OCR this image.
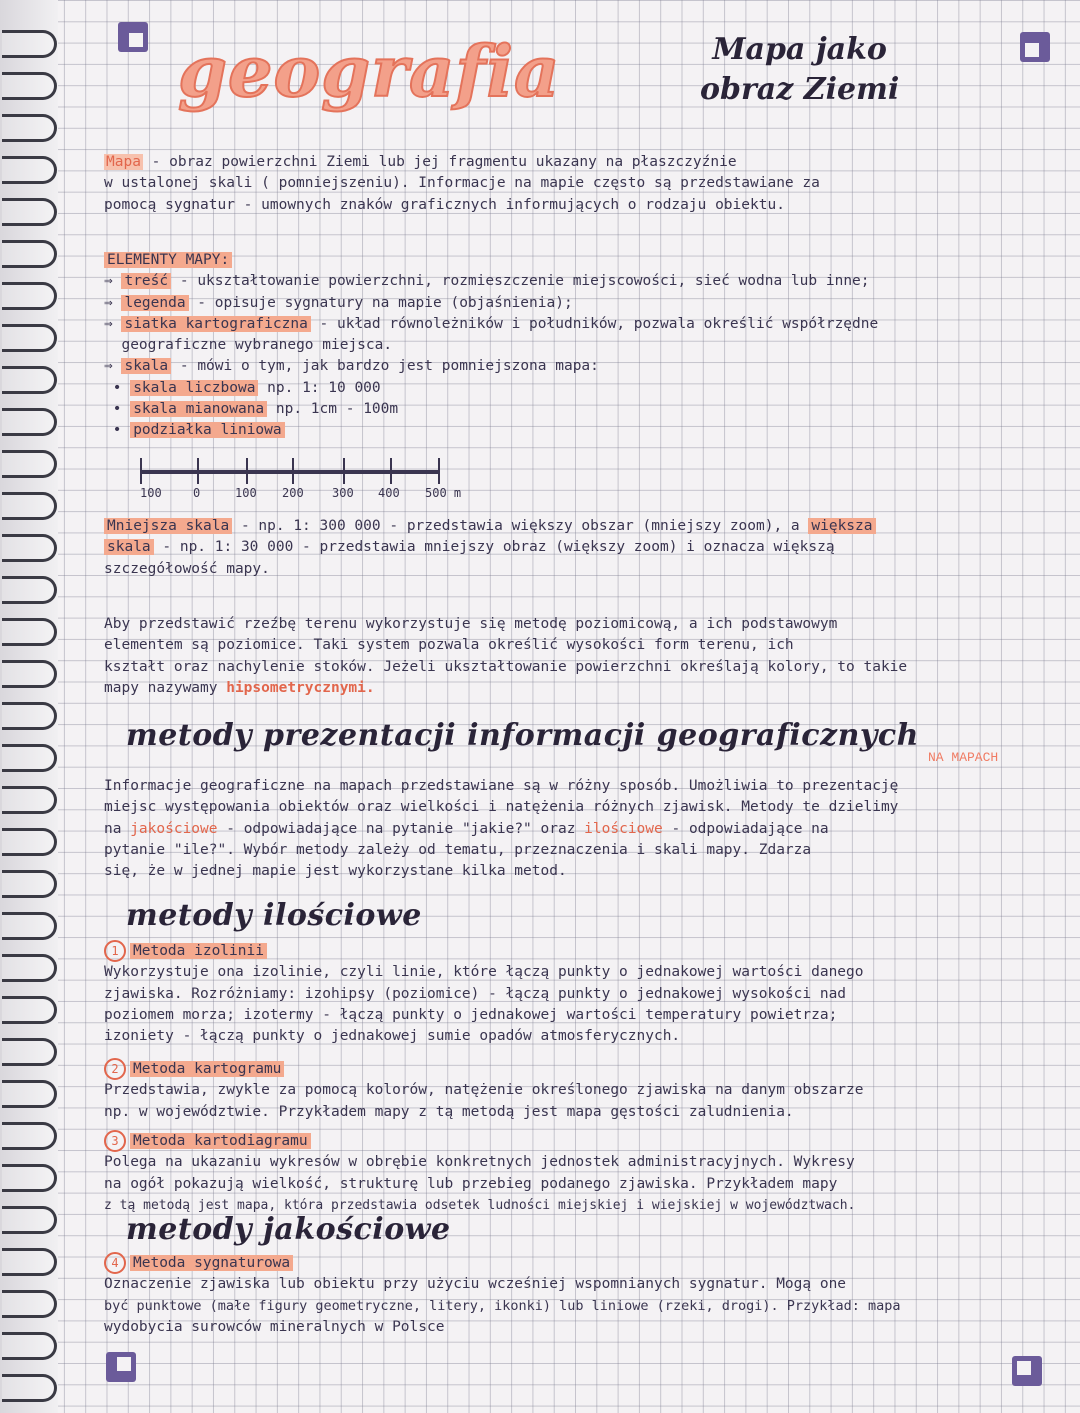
geografia	Mapa jako
obraz Ziemi
Mapa - obraz powierzchni Ziemi lub jej fragmentu ukazany na płaszczyźnie
w ustalonej skali ( pomniejszeniu). Informacje na mapie często są przedstawiane za
pomocą sygnatur - umownych znaków graficznych informujących o rodzaju obiektu.
ELEMENTY MAPY:
⇒ treść - ukształtowanie powierzchni, rozmieszczenie miejscowości, sieć wodna lub inne;
⇒ legenda - opisuje sygnatury na mapie (objaśnienia);
⇒ siatka kartograficzna - układ równoleżników i południków, pozwala określić współrzędne
geograficzne wybranego miejsca.
⇒ skala - mówi o tym, jak bardzo jest pomniejszona mapa:
• skala liczbowa np. 1: 10 000
• skala mianowana np. 1cm - 100m
• podziałka liniowa
100	0	100 200 300 400 500 m
Mniejsza skala - np. 1: 300 000 - przedstawia większy obszar (mniejszy zoom), a większa
skala - np. 1: 30 000 - przedstawia mniejszy obraz (większy zoom) i oznacza większą
szczegółowość mapy.
Aby przedstawić rzeźbę terenu wykorzystuje się metodę poziomicową, a ich podstawowym
elementem są poziomice. Taki system pozwala określić wysokości form terenu, ich
kształt oraz nachylenie stoków. Jeżeli ukształtowanie powierzchni określają kolory, to takie
mapy nazywamy hipsometrycznymi.
metody prezentacji informacji geograficznych
NA MAPACH
Informacje geograficzne na mapach przedstawiane są w różny sposób. Umożliwia to prezentację
miejsc występowania obiektów oraz wielkości i natężenia różnych zjawisk. Metody te dzielimy
na jakościowe - odpowiadające na pytanie "jakie?" oraz ilościowe - odpowiadające na
pytanie "ile?". Wybór metody zależy od tematu, przeznaczenia i skali mapy. Zdarza
się, że w jednej mapie jest wykorzystane kilka metod.
metody ilościowe
1 Metoda izolinii
Wykorzystuje ona izolinie, czyli linie, które łączą punkty o jednakowej wartości danego
zjawiska. Rozróżniamy: izohipsy (poziomice) - łączą punkty o jednakowej wysokości nad
poziomem morza; izotermy - łączą punkty o jednakowej wartości temperatury powietrza;
izoniety - łączą punkty o jednakowej sumie opadów atmosferycznych.
2 Metoda kartogramu
Przedstawia, zwykle za pomocą kolorów, natężenie określonego zjawiska na danym obszarze
np. w województwie. Przykładem mapy z tą metodą jest mapa gęstości zaludnienia.
3 Metoda kartodiagramu
Polega na ukazaniu wykresów w obrębie konkretnych jednostek administracyjnych. Wykresy
na ogół pokazują wielkość, strukturę lub przebieg podanego zjawiska. Przykładem mapy
z tą metodą jest mapa, która przedstawia odsetek ludności miejskiej i wiejskiej w województwach.
metody jakościowe
4 Metoda sygnaturowa
Oznaczenie zjawiska lub obiektu przy użyciu wcześniej wspomnianych sygnatur. Mogą one
być punktowe (małe figury geometryczne, litery, ikonki) lub liniowe (rzeki, drogi). Przykład: mapa
wydobycia surowców mineralnych w Polsce
